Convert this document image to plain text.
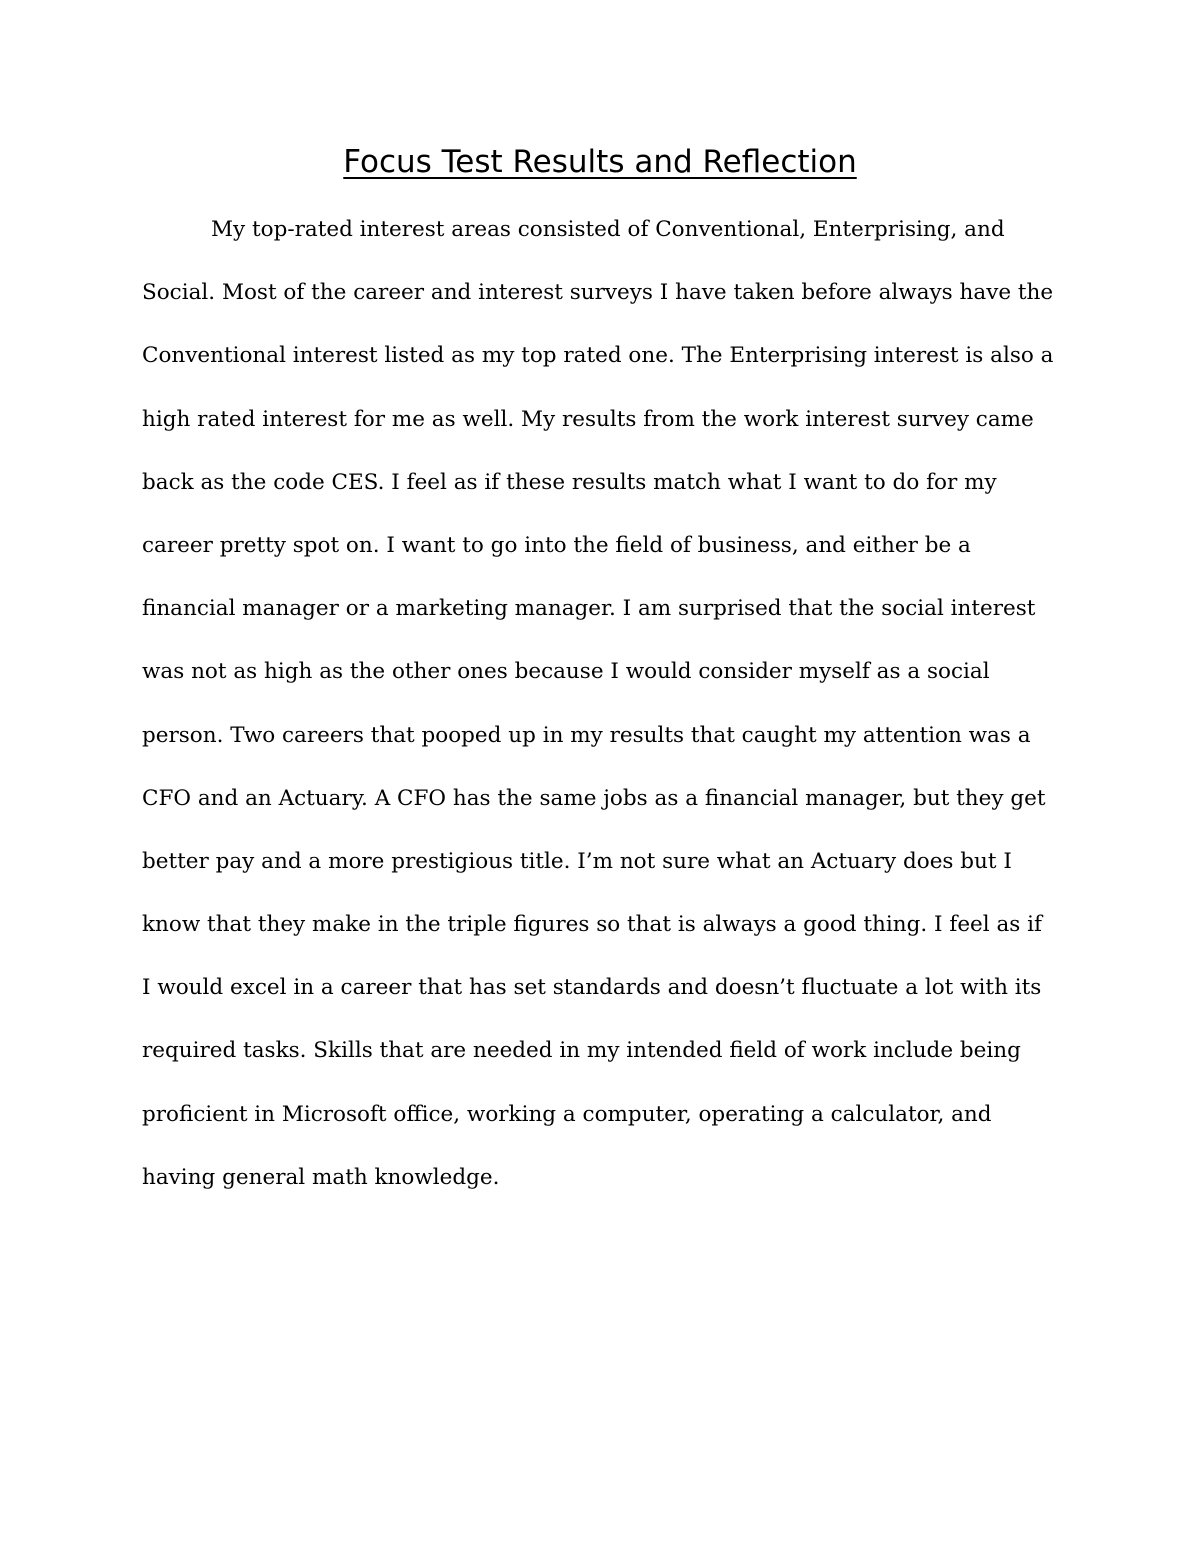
Focus Test Results and Reflection
My top-rated interest areas consisted of Conventional, Enterprising, and
Social. Most of the career and interest surveys I have taken before always have the
Conventional interest listed as my top rated one. The Enterprising interest is also a
high rated interest for me as well. My results from the work interest survey came
back as the code CES. I feel as if these results match what I want to do for my
career pretty spot on. I want to go into the field of business, and either be a
financial manager or a marketing manager. I am surprised that the social interest
was not as high as the other ones because I would consider myself as a social
person. Two careers that pooped up in my results that caught my attention was a
CFO and an Actuary. A CFO has the same jobs as a financial manager, but they get
better pay and a more prestigious title. I’m not sure what an Actuary does but I
know that they make in the triple figures so that is always a good thing. I feel as if
I would excel in a career that has set standards and doesn’t fluctuate a lot with its
required tasks. Skills that are needed in my intended field of work include being
proficient in Microsoft office, working a computer, operating a calculator, and
having general math knowledge.
